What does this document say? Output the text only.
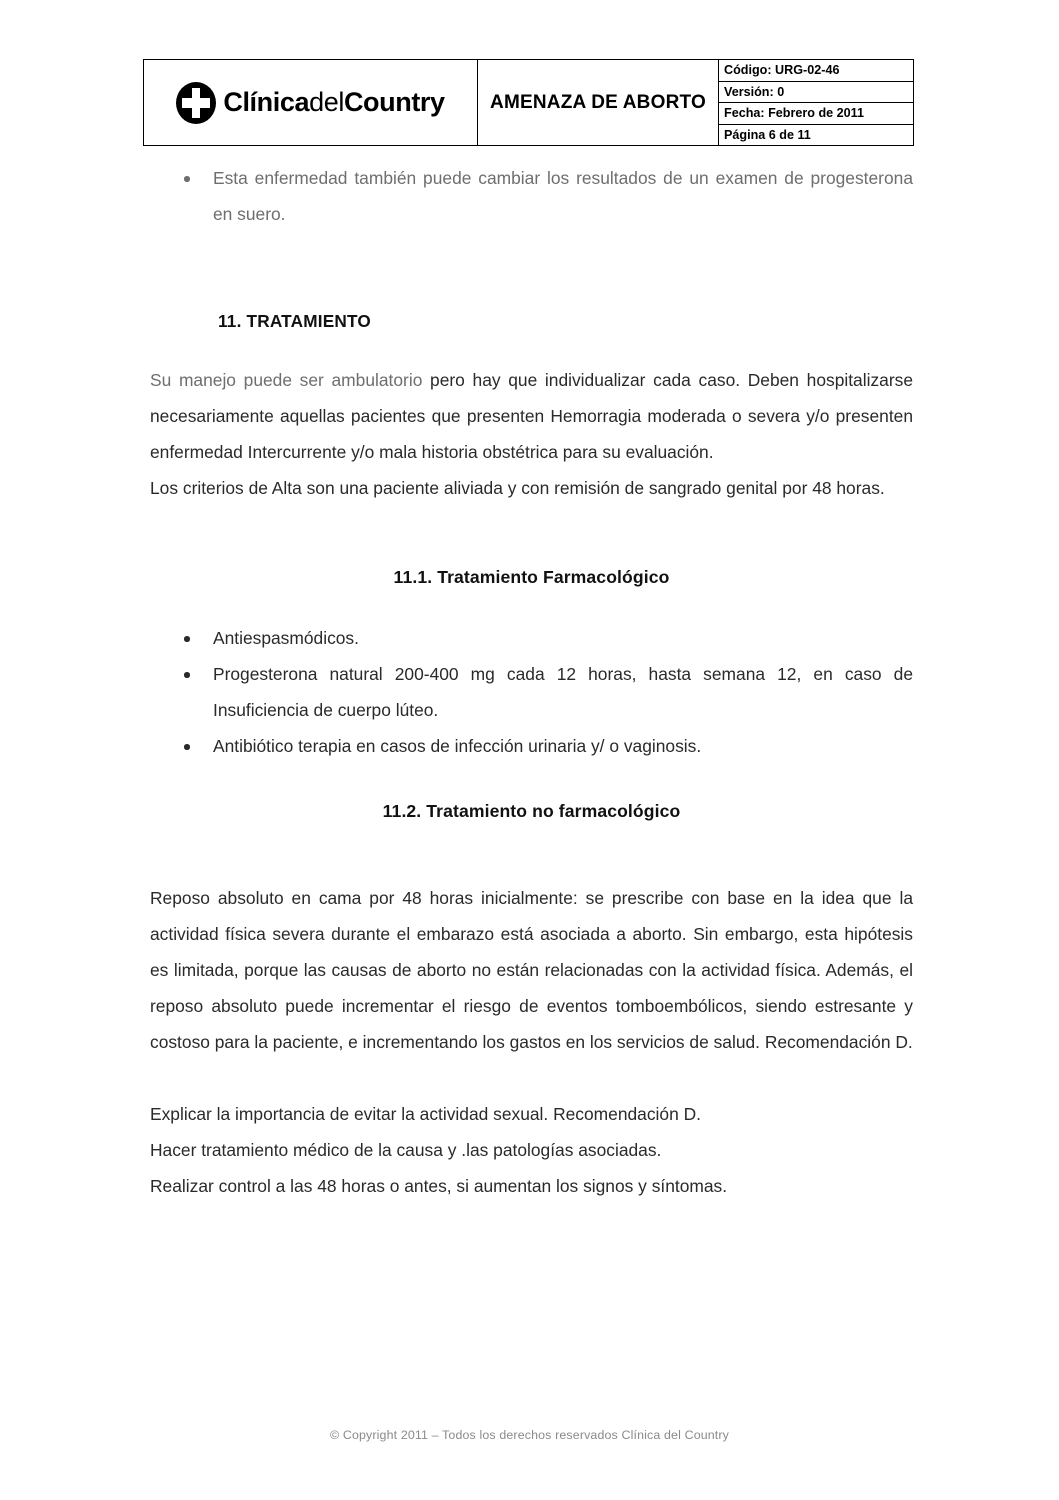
ClínicadelCountry	AMENAZA DE ABORTO	
Código: URG-02-46
Versión: 0
Fecha: Febrero de 2011
Página 6 de 11
Esta enfermedad también puede cambiar los resultados de un examen de progesterona en suero.
11. TRATAMIENTO

Su manejo puede ser ambulatorio pero hay que individualizar cada caso. Deben hospitalizarse necesariamente aquellas pacientes que presenten Hemorragia moderada o severa y/o presenten enfermedad Intercurrente y/o mala historia obstétrica para su evaluación.

Los criterios de Alta son una paciente aliviada y con remisión de sangrado genital por 48 horas.

11.1. Tratamiento Farmacológico
Antiespasmódicos.
Progesterona natural 200-400 mg cada 12 horas, hasta semana 12, en caso de Insuficiencia de cuerpo lúteo.
Antibiótico terapia en casos de infección urinaria y/ o vaginosis.
11.2. Tratamiento no farmacológico

Reposo absoluto en cama por 48 horas inicialmente: se prescribe con base en la idea que la actividad física severa durante el embarazo está asociada a aborto. Sin embargo, esta hipótesis es limitada, porque las causas de aborto no están relacionadas con la actividad física. Además, el reposo absoluto puede incrementar el riesgo de eventos tomboembólicos, siendo estresante y costoso para la paciente, e incrementando los gastos en los servicios de salud. Recomendación D.

Explicar la importancia de evitar la actividad sexual. Recomendación D.

Hacer tratamiento médico de la causa y .las patologías asociadas.

Realizar control a las 48 horas o antes, si aumentan los signos y síntomas.

© Copyright 2011 – Todos los derechos reservados Clínica del Country
